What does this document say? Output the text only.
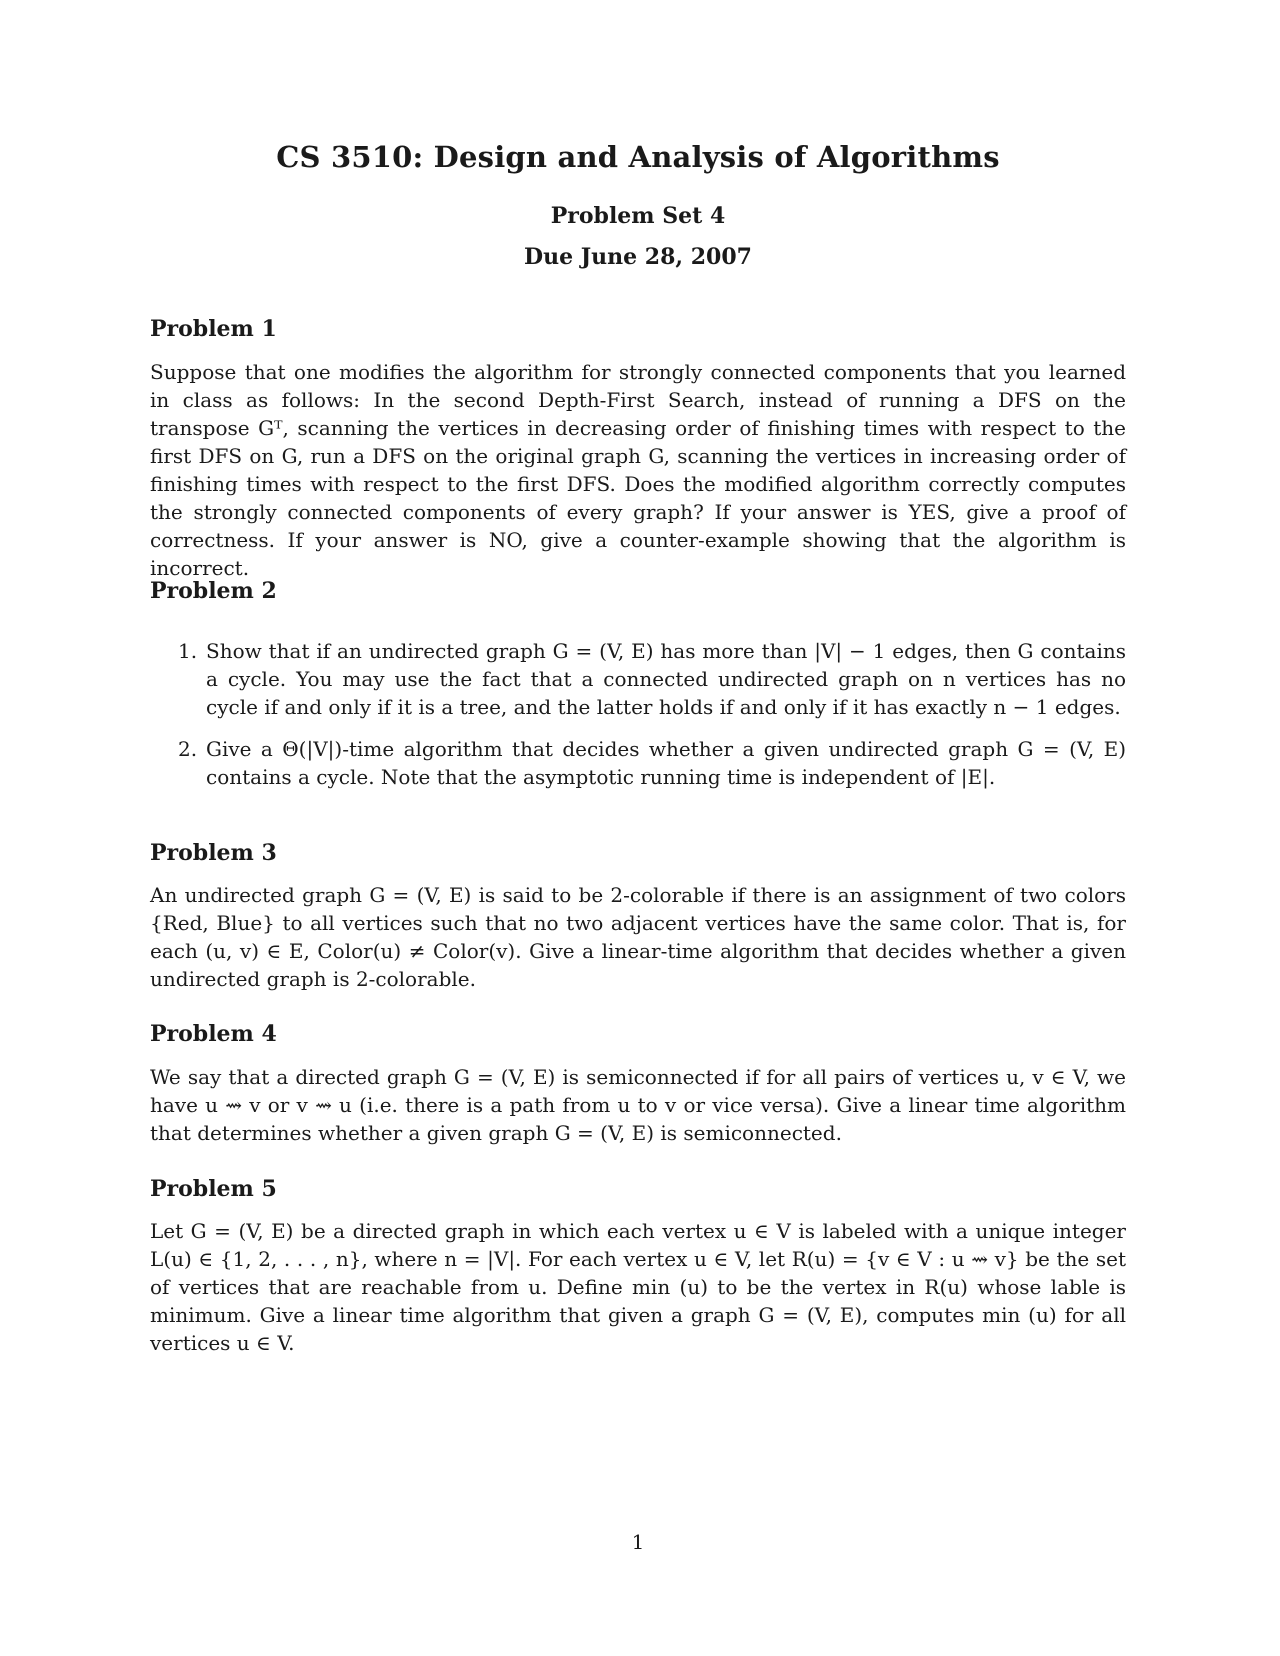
CS 3510: Design and Analysis of Algorithms
Problem Set 4
Due June 28, 2007
Problem 1
Suppose that one modifies the algorithm for strongly connected components that you learned in class as follows: In the second Depth-First Search, instead of running a DFS on the transpose Gᵀ, scanning the vertices in decreasing order of finishing times with respect to the first DFS on G, run a DFS on the original graph G, scanning the vertices in increasing order of finishing times with respect to the first DFS. Does the modified algorithm correctly computes the strongly connected components of every graph? If your answer is YES, give a proof of correctness. If your answer is NO, give a counter-example showing that the algorithm is incorrect.
Problem 2
1. Show that if an undirected graph G = (V, E) has more than |V| − 1 edges, then G contains a cycle. You may use the fact that a connected undirected graph on n vertices has no cycle if and only if it is a tree, and the latter holds if and only if it has exactly n − 1 edges.
2. Give a Θ(|V|)-time algorithm that decides whether a given undirected graph G = (V, E) contains a cycle. Note that the asymptotic running time is independent of |E|.
Problem 3
An undirected graph G = (V, E) is said to be 2-colorable if there is an assignment of two colors {Red, Blue} to all vertices such that no two adjacent vertices have the same color. That is, for each (u, v) ∈ E, Color(u) ≠ Color(v). Give a linear-time algorithm that decides whether a given undirected graph is 2-colorable.
Problem 4
We say that a directed graph G = (V, E) is semiconnected if for all pairs of vertices u, v ∈ V, we have u ⇝ v or v ⇝ u (i.e. there is a path from u to v or vice versa). Give a linear time algorithm that determines whether a given graph G = (V, E) is semiconnected.
Problem 5
Let G = (V, E) be a directed graph in which each vertex u ∈ V is labeled with a unique integer L(u) ∈ {1, 2, . . . , n}, where n = |V|. For each vertex u ∈ V, let R(u) = {v ∈ V : u ⇝ v} be the set of vertices that are reachable from u. Define min (u) to be the vertex in R(u) whose lable is minimum. Give a linear time algorithm that given a graph G = (V, E), computes min (u) for all vertices u ∈ V.
1
